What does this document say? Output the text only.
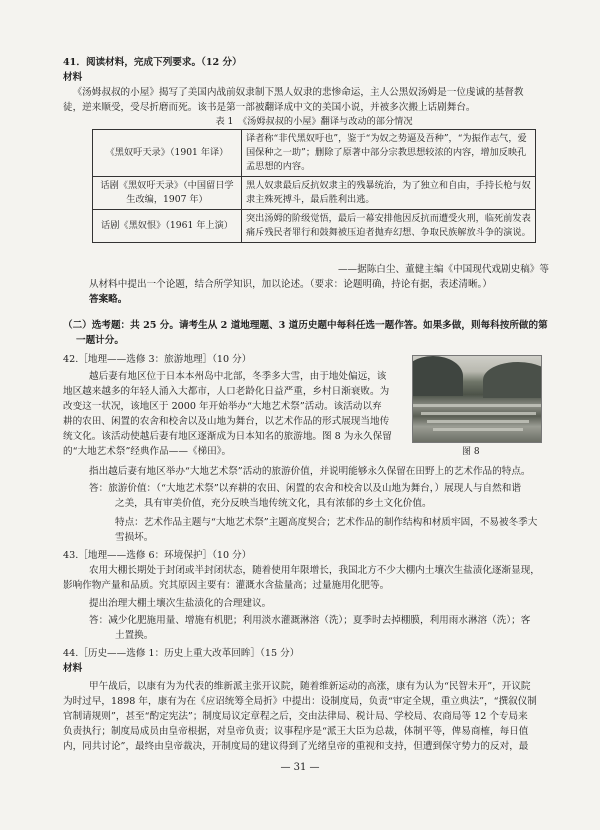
41．阅读材料，完成下列要求。（12 分）
材料
《汤姆叔叔的小屋》揭写了美国内战前奴隶制下黑人奴隶的悲惨命运，主人公黑奴汤姆是一位虔诚的基督教
徒，逆来顺受，受尽折磨而死。该书是第一部被翻译成中文的美国小说，并被多次搬上话剧舞台。
表 1　《汤姆叔叔的小屋》翻译与改动的部分情况
《黑奴吁天录》（1901 年译）	译者称“非代黑奴吁也”，鉴于“为奴之势逼及吾种”，“为振作志气，爱国保种之一助”；删除了原著中部分宗教思想较浓的内容，增加反映孔孟思想的内容。
话剧《黑奴吁天录》（中国留日学生改编，1907 年）	黑人奴隶最后反抗奴隶主的残暴统治，为了独立和自由，手持长枪与奴隶主殊死搏斗，最后胜利出逃。
话剧《黑奴恨》（1961 年上演）	突出汤姆的阶级觉悟，最后一幕安排他因反抗而遭受火刑，临死前发表痛斥残民者罪行和鼓舞被压迫者抛弃幻想、争取民族解放斗争的演说。
——据陈白尘、董健主编《中国现代戏剧史稿》等
从材料中提出一个论题，结合所学知识，加以论述。（要求：论题明确，持论有据，表述清晰。）
答案略。
（二）选考题：共 25 分。请考生从 2 道地理题、3 道历史题中每科任选一题作答。如果多做，则每科按所做的第
一题计分。
42.［地理——选修 3：旅游地理］（10 分）
越后妻有地区位于日本本州岛中北部，冬季多大雪，由于地处偏远，该
地区越来越多的年轻人涌入大都市，人口老龄化日益严重，乡村日渐衰败。为
改变这一状况，该地区于 2000 年开始举办“大地艺术祭”活动。该活动以弃
耕的农田、闲置的农舍和校舍以及山地为舞台，以艺术作品的形式展现当地传
统文化。该活动使越后妻有地区逐渐成为日本知名的旅游地。图 8 为永久保留
的“大地艺术祭”经典作品——《梯田》。	图 8
指出越后妻有地区举办“大地艺术祭”活动的旅游价值，并说明能够永久保留在田野上的艺术作品的特点。
答：旅游价值：（“大地艺术祭”以弃耕的农田、闲置的农舍和校舍以及山地为舞台，）展现人与自然和谐
之美，具有审美价值，充分反映当地传统文化，具有浓郁的乡土文化价值。
特点：艺术作品主题与“大地艺术祭”主题高度契合；艺术作品的制作结构和材质牢固，不易被冬季大
雪损坏。
43.［地理——选修 6：环境保护］（10 分）
农用大棚长期处于封闭或半封闭状态，随着使用年限增长，我国北方不少大棚内土壤次生盐渍化逐渐显现，
影响作物产量和品质。究其原因主要有：灌溉水含盐量高；过量施用化肥等。
提出治理大棚土壤次生盐渍化的合理建议。
答：减少化肥施用量、增施有机肥；利用淡水灌溉淋溶（洗）；夏季时去掉棚膜，利用雨水淋溶（洗）；客
土置换。
44.［历史——选修 1：历史上重大改革回眸］（15 分）
材料
甲午战后，以康有为为代表的维新派主张开议院，随着维新运动的高涨，康有为认为“民智未开”，开议院
为时过早，1898 年，康有为在《应诏统筹全局折》中提出：设制度局，负责“审定全规，重立典法”，“撰叙仪制
官制请规则”，甚至“酌定宪法”；制度局议定章程之后，交由法律局、税计局、学校局、农商局等 12 个专局来
负责执行；制度局成员由皇帝根据，对皇帝负责；议事程序是“派王大臣为总裁，体制平等，俾易商榷，每日值
内，同共讨论”，最终由皇帝裁决，开制度局的建议得到了光绪皇帝的重视和支持，但遭到保守势力的反对，最
— 31 —
